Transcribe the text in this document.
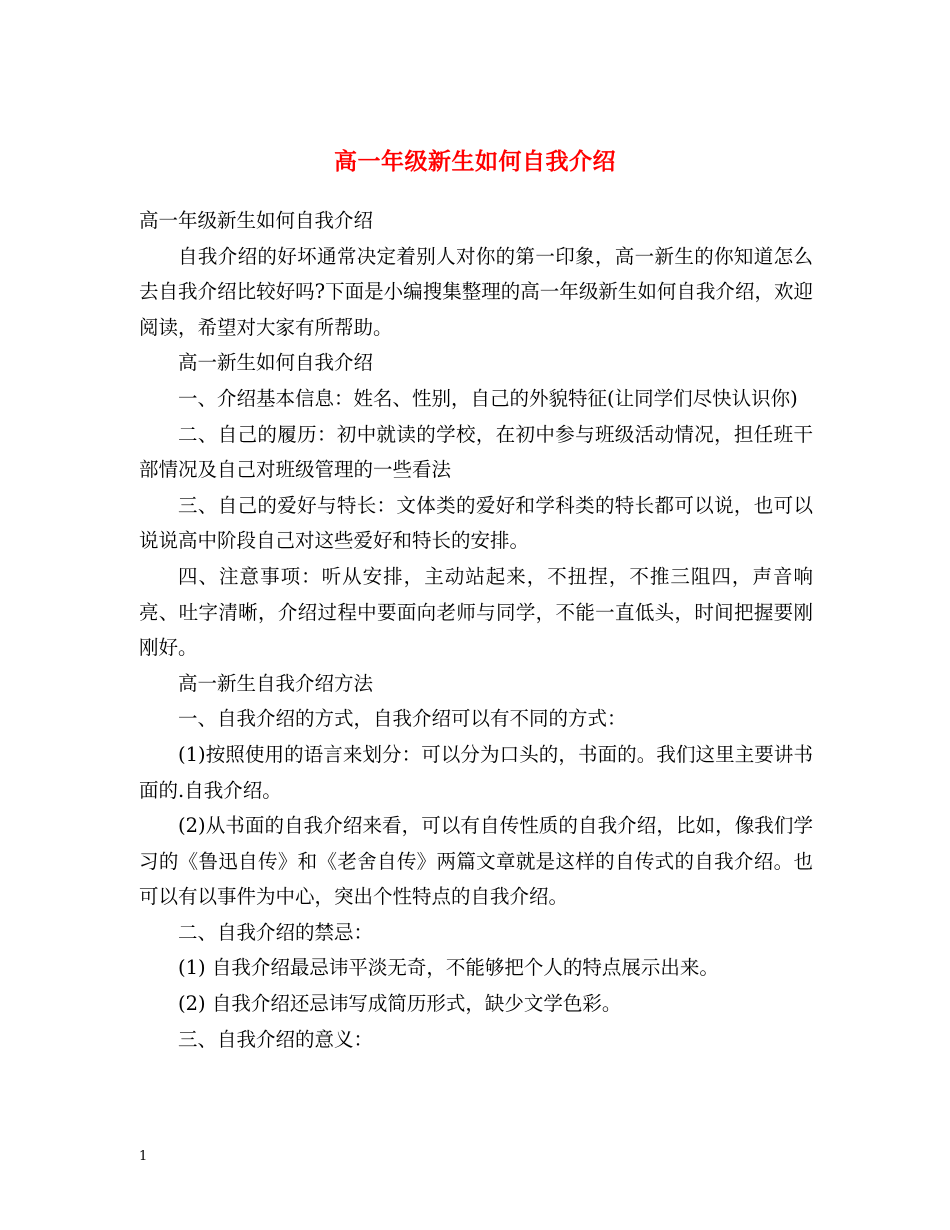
高一年级新生如何自我介绍

高一年级新生如何自我介绍

自我介绍的好坏通常决定着别人对你的第一印象，高一新生的你知道怎么去自我介绍比较好吗?下面是小编搜集整理的高一年级新生如何自我介绍，欢迎阅读，希望对大家有所帮助。

高一新生如何自我介绍

一、介绍基本信息：姓名、性别，自己的外貌特征(让同学们尽快认识你)

二、自己的履历：初中就读的学校，在初中参与班级活动情况，担任班干部情况及自己对班级管理的一些看法

三、自己的爱好与特长：文体类的爱好和学科类的特长都可以说，也可以说说高中阶段自己对这些爱好和特长的安排。

四、注意事项：听从安排，主动站起来，不扭捏，不推三阻四，声音响亮、吐字清晰，介绍过程中要面向老师与同学，不能一直低头，时间把握要刚刚好。

高一新生自我介绍方法

一、自我介绍的方式，自我介绍可以有不同的方式：

(1)按照使用的语言来划分：可以分为口头的，书面的。我们这里主要讲书面的.自我介绍。

(2)从书面的自我介绍来看，可以有自传性质的自我介绍，比如，像我们学习的《鲁迅自传》和《老舍自传》两篇文章就是这样的自传式的自我介绍。也可以有以事件为中心，突出个性特点的自我介绍。

二、自我介绍的禁忌：

(1) 自我介绍最忌讳平淡无奇，不能够把个人的特点展示出来。

(2) 自我介绍还忌讳写成简历形式，缺少文学色彩。

三、自我介绍的意义：

1
